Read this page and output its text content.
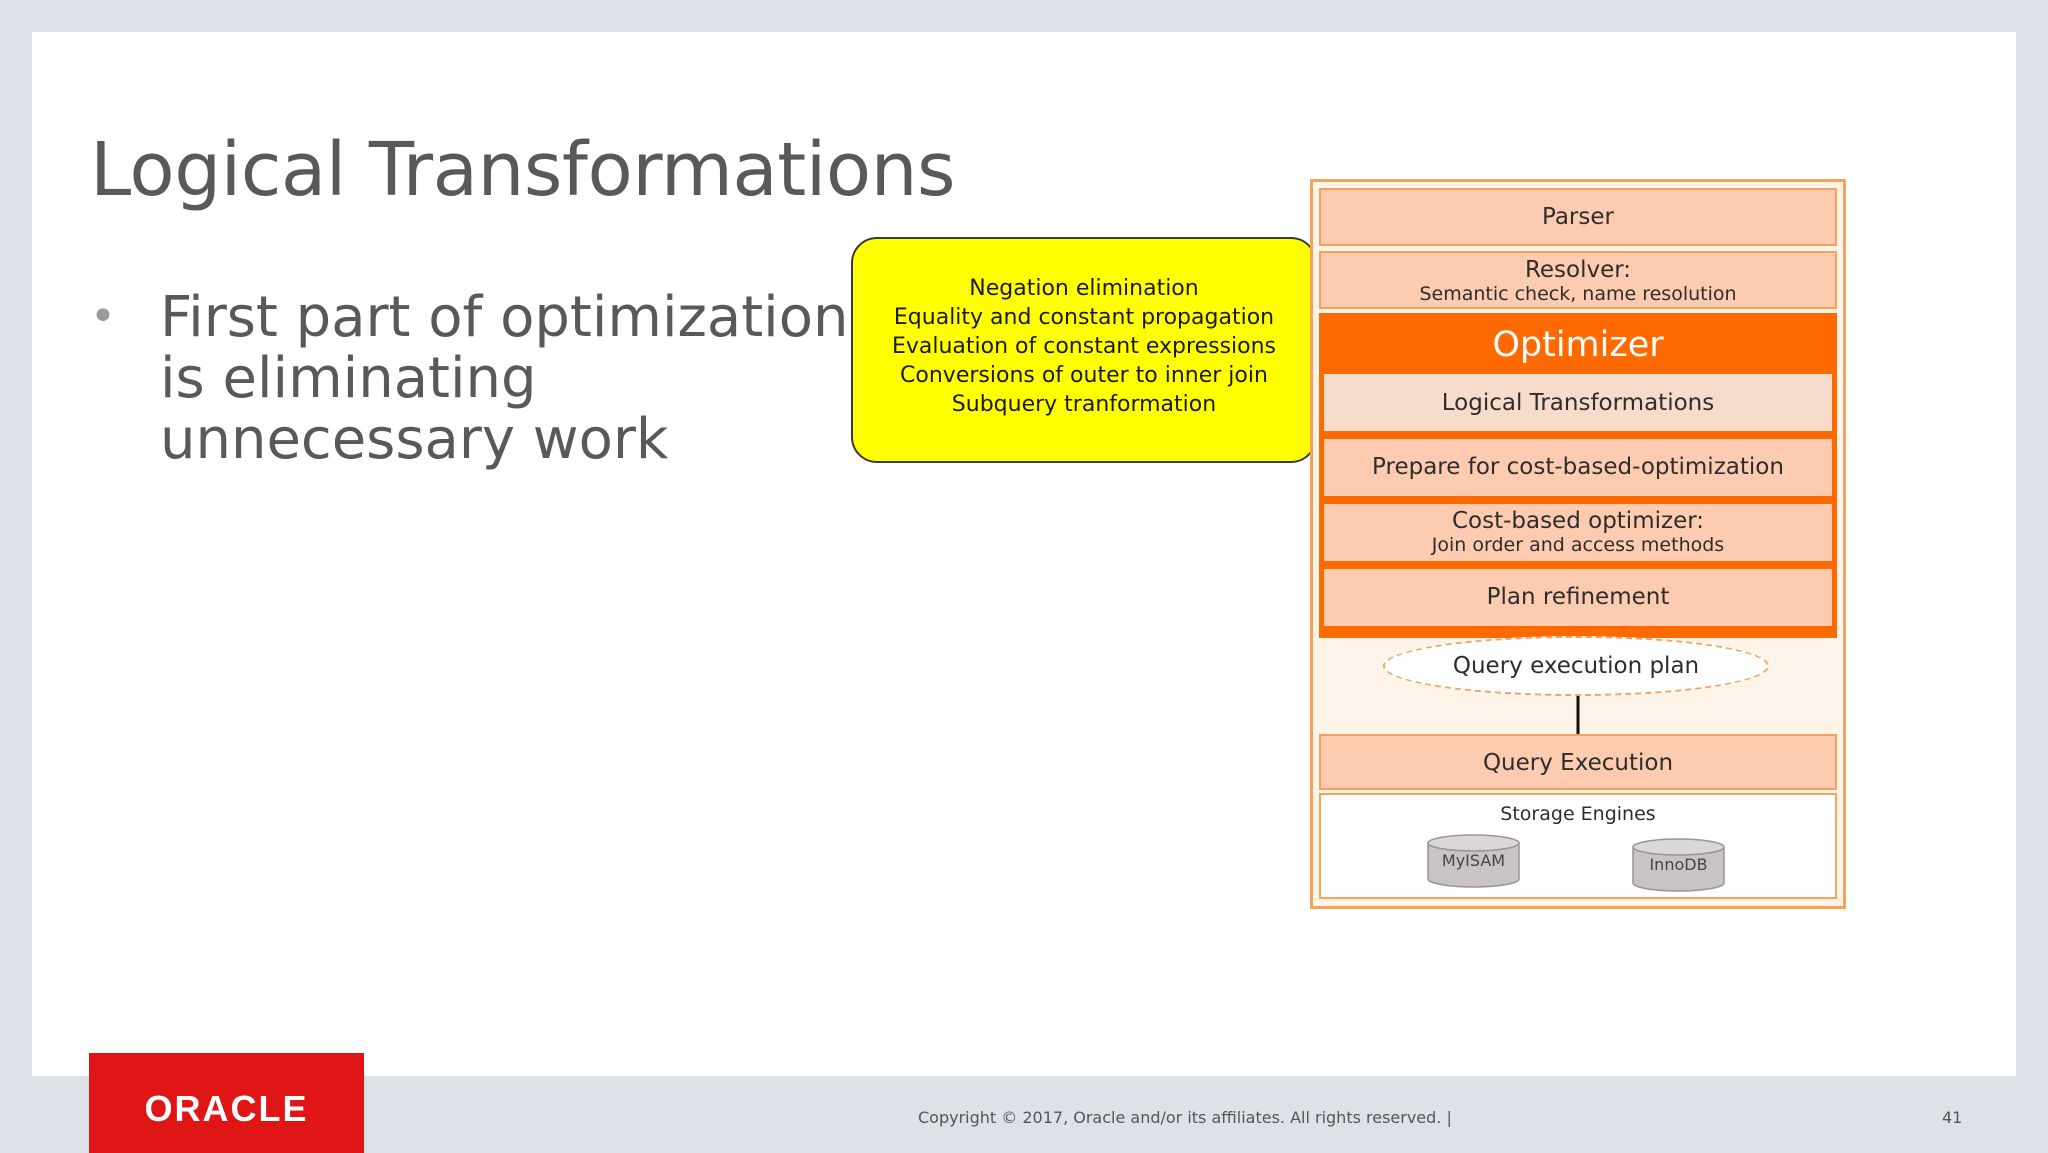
Logical Transformations
• First part of optimization is eliminating unnecessary work
Negation elimination
Equality and constant propagation
Evaluation of constant expressions
Conversions of outer to inner join
Subquery tranformation
Parser
Resolver:
Semantic check, name resolution
Optimizer
Logical Transformations
Prepare for cost-based-optimization
Cost-based optimizer:
Join order and access methods
Plan refinement
Query execution plan
Query Execution
Storage Engines
MyISAM	InnoDB
ORACLE	Copyright © 2017, Oracle and/or its affiliates. All rights reserved. |	41
